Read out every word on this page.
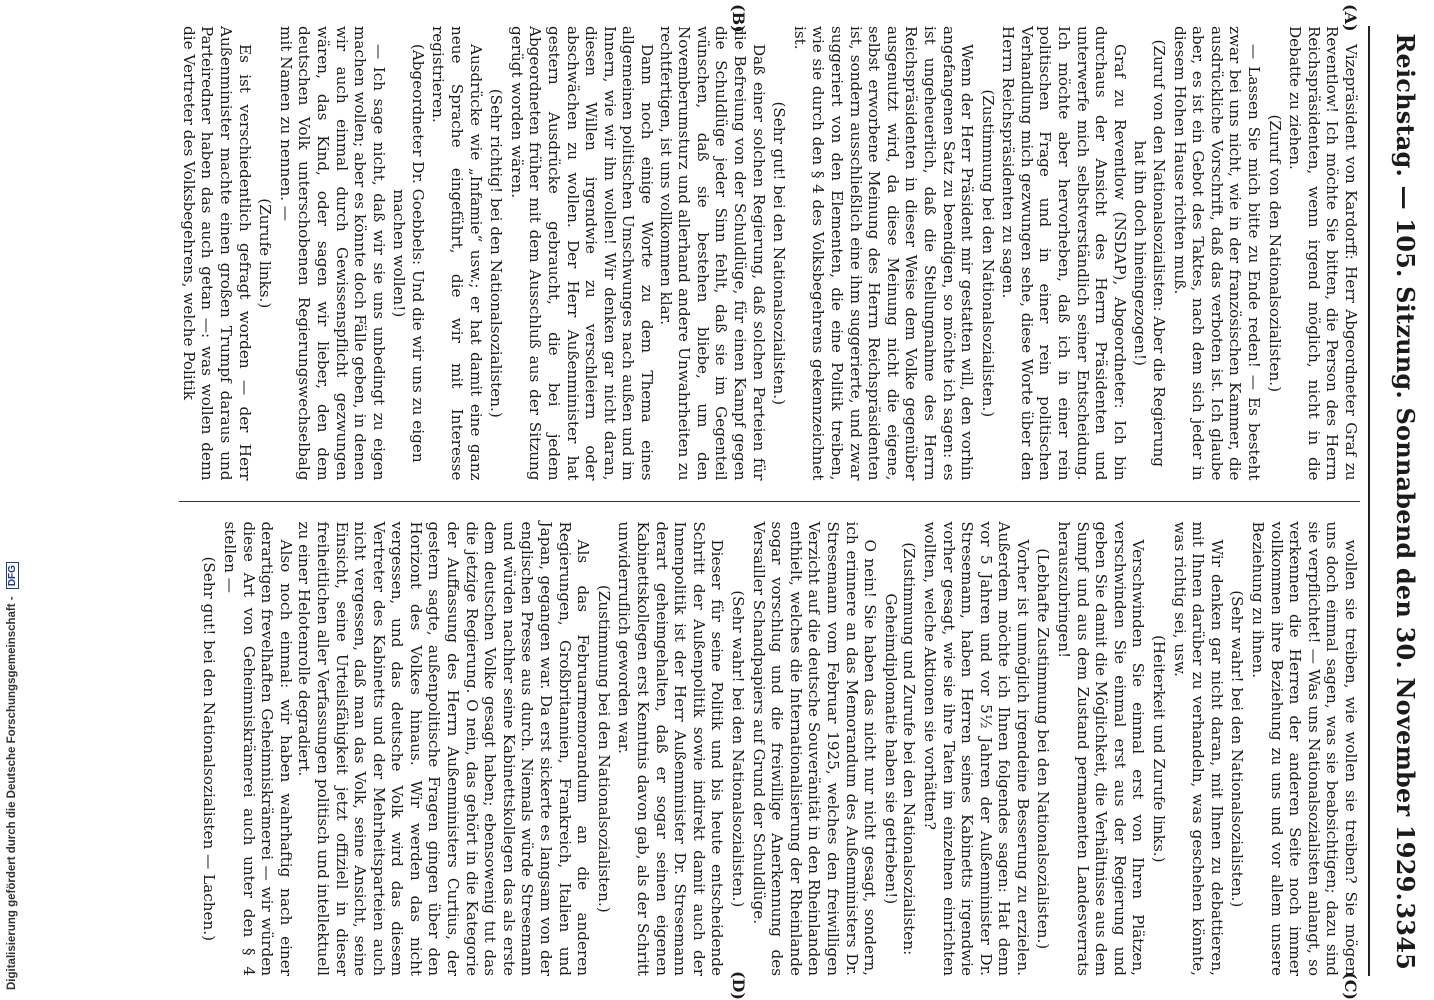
Reichstag. — 105. Sitzung. Sonnabend den 30. November 1929.
3345
(A)
(B)
(C)
(D)

Vizepräsident von Kardorff: Herr Abgeordneter Graf zu Reventlow! Ich möchte Sie bitten, die Person des Herrn Reichspräsidenten, wenn irgend möglich, nicht in die Debatte zu ziehen.

(Zuruf von den Nationalsozialisten.)

— Lassen Sie mich bitte zu Ende reden! — Es besteht zwar bei uns nicht, wie in der französischen Kammer, die ausdrückliche Vorschrift, daß das verboten ist. Ich glaube aber, es ist ein Gebot des Taktes, nach dem sich jeder in diesem Hohen Hause richten muß.

(Zuruf von den Nationalsozialisten: Aber die Regierung hat ihn doch hineingezogen!)

Graf zu Reventlow (NSDAP), Abgeordneter: Ich bin durchaus der Ansicht des Herrn Präsidenten und unterwerfe mich selbstverständlich seiner Entscheidung. Ich möchte aber hervorheben, daß ich in einer rein politischen Frage und in einer rein politischen Verhandlung mich gezwungen sehe, diese Worte über den Herrn Reichspräsidenten zu sagen.

(Zustimmung bei den Nationalsozialisten.)

Wenn der Herr Präsident mir gestatten will, den vorhin angefangenen Satz zu beendigen, so möchte ich sagen: es ist ungeheuerlich, daß die Stellungnahme des Herrn Reichspräsidenten in dieser Weise dem Volke gegenüber ausgenutzt wird, da diese Meinung nicht die eigene, selbst erworbene Meinung des Herrn Reichspräsidenten ist, sondern ausschließlich eine ihm suggerierte, und zwar suggeriert von den Elementen, die eine Politik treiben, wie sie durch den § 4 des Volksbegehrens gekennzeichnet ist.

(Sehr gut! bei den Nationalsozialisten.)

Daß einer solchen Regierung, daß solchen Parteien für die Befreiung von der Schuldlüge, für einen Kampf gegen die Schuldlüge jeder Sinn fehlt, daß sie im Gegenteil wünschen, daß sie bestehen bliebe, um den Novemberumsturz und allerhand andere Unwahrheiten zu rechtfertigen, ist uns vollkommen klar.

Dann noch einige Worte zu dem Thema eines allgemeinen politischen Umschwunges nach außen und im Innern, wie wir ihn wollen! Wir denken gar nicht daran, diesen Willen irgendwie zu verschleiern oder abschwächen zu wollen. Der Herr Außenminister hat gestern Ausdrücke gebraucht, die bei jedem Abgeordneten früher mit dem Ausschluß aus der Sitzung gerügt worden wären.

(Sehr richtig! bei den Nationalsozialisten.)

Ausdrücke wie „Infamie“ usw.; er hat damit eine ganz neue Sprache eingeführt, die wir mit Interesse registrieren.

(Abgeordneter Dr. Goebbels: Und die wir uns zu eigen machen wollen!)

— Ich sage nicht, daß wir sie uns unbedingt zu eigen machen wollen; aber es könnte doch Fälle geben, in denen wir auch einmal durch Gewissenspflicht gezwungen wären, das Kind, oder sagen wir lieber, den dem deutschen Volk unterschobenen Regierungswechselbalg mit Namen zu nennen. —

(Zurufe links.)

Es ist verschiedentlich gefragt worden — der Herr Außenminister machte einen großen Trumpf daraus und Parteiredner haben das auch getan —: was wollen denn die Vertreter des Volksbegehrens, welche Politik

wollen sie treiben, wie wollen sie treiben? Sie mögen uns doch einmal sagen, was sie beabsichtigen; dazu sind sie verpflichtet! — Was uns Nationalsozialisten anlangt, so verkennen die Herren der anderen Seite noch immer vollkommen ihre Beziehung zu uns und vor allem unsere Beziehung zu ihnen.

(Sehr wahr! bei den Nationalsozialisten.)

Wir denken gar nicht daran, mit Ihnen zu debattieren, mit Ihnen darüber zu verhandeln, was geschehen könnte, was richtig sei, usw.

(Heiterkeit und Zurufe links.)

Verschwinden Sie einmal erst von Ihren Plätzen, verschwinden Sie einmal erst aus der Regierung und geben Sie damit die Möglichkeit, die Verhältnisse aus dem Sumpf und aus dem Zustand permanenten Landesverrats herauszubringen!

(Lebhafte Zustimmung bei den Nationalsozialisten.)

Vorher ist unmöglich irgendeine Besserung zu erzielen. Außerdem möchte ich Ihnen folgendes sagen: Hat denn vor 5 Jahren und vor 5½ Jahren der Außenminister Dr. Stresemann, haben Herren seines Kabinetts irgendwie vorher gesagt, wie sie ihre Taten im einzelnen einrichten wollten, welche Aktionen sie vorhätten?

(Zustimmung und Zurufe bei den Nationalsozialisten: Geheimdiplomatie haben sie getrieben!)

O nein! Sie haben das nicht nur nicht gesagt, sondern, ich erinnere an das Memorandum des Außenministers Dr. Stresemann vom Februar 1925, welches den freiwilligen Verzicht auf die deutsche Souveränität in den Rheinlanden enthielt, welches die Internationalisierung der Rheinlande sogar vorschlug und die freiwillige Anerkennung des Versailler Schandpapiers auf Grund der Schuldlüge.

(Sehr wahr! bei den Nationalsozialisten.)

Dieser für seine Politik und bis heute entscheidende Schritt der Außenpolitik sowie indirekt damit auch der Innenpolitik ist der Herr Außenminister Dr. Stresemann derart geheimgehalten, daß er sogar seinen eigenen Kabinettskollegen erst Kenntnis davon gab, als der Schritt unwiderruflich geworden war.

(Zustimmung bei den Nationalsozialisten.)

Als das Februarmemorandum an die anderen Regierungen, Großbritannien, Frankreich, Italien und Japan, gegangen war. Da erst sickerte es langsam von der englischen Presse aus durch. Niemals würde Stresemann und würden nachher seine Kabinettskollegen das als erste dem deutschen Volke gesagt haben; ebensowenig tut das die jetzige Regierung. O nein, das gehört in die Kategorie der Auffassung des Herrn Außenministers Curtius, der gestern sagte, außenpolitische Fragen gingen über den Horizont des Volkes hinaus. Wir werden das nicht vergessen, und das deutsche Volk wird das diesem Vertreter des Kabinetts und der Mehrheitsparteien auch nicht vergessen, daß man das Volk, seine Ansicht, seine Einsicht, seine Urteilsfähigkeit jetzt offiziell in dieser freiheitlichen aller Verfassungen politisch und intellektuell zu einer Helotenrolle degradiert.

Also noch einmal: wir haben wahrhaftig nach einer derartigen frevelhaften Geheimniskrämerei — wir würden diese Art von Geheimniskrämerei auch unter den § 4 stellen —

(Sehr gut! bei den Nationalsozialisten — Lachen.)

Digitalisierung gefördert durch die Deutsche Forschungsgemeinschaft - DFG
